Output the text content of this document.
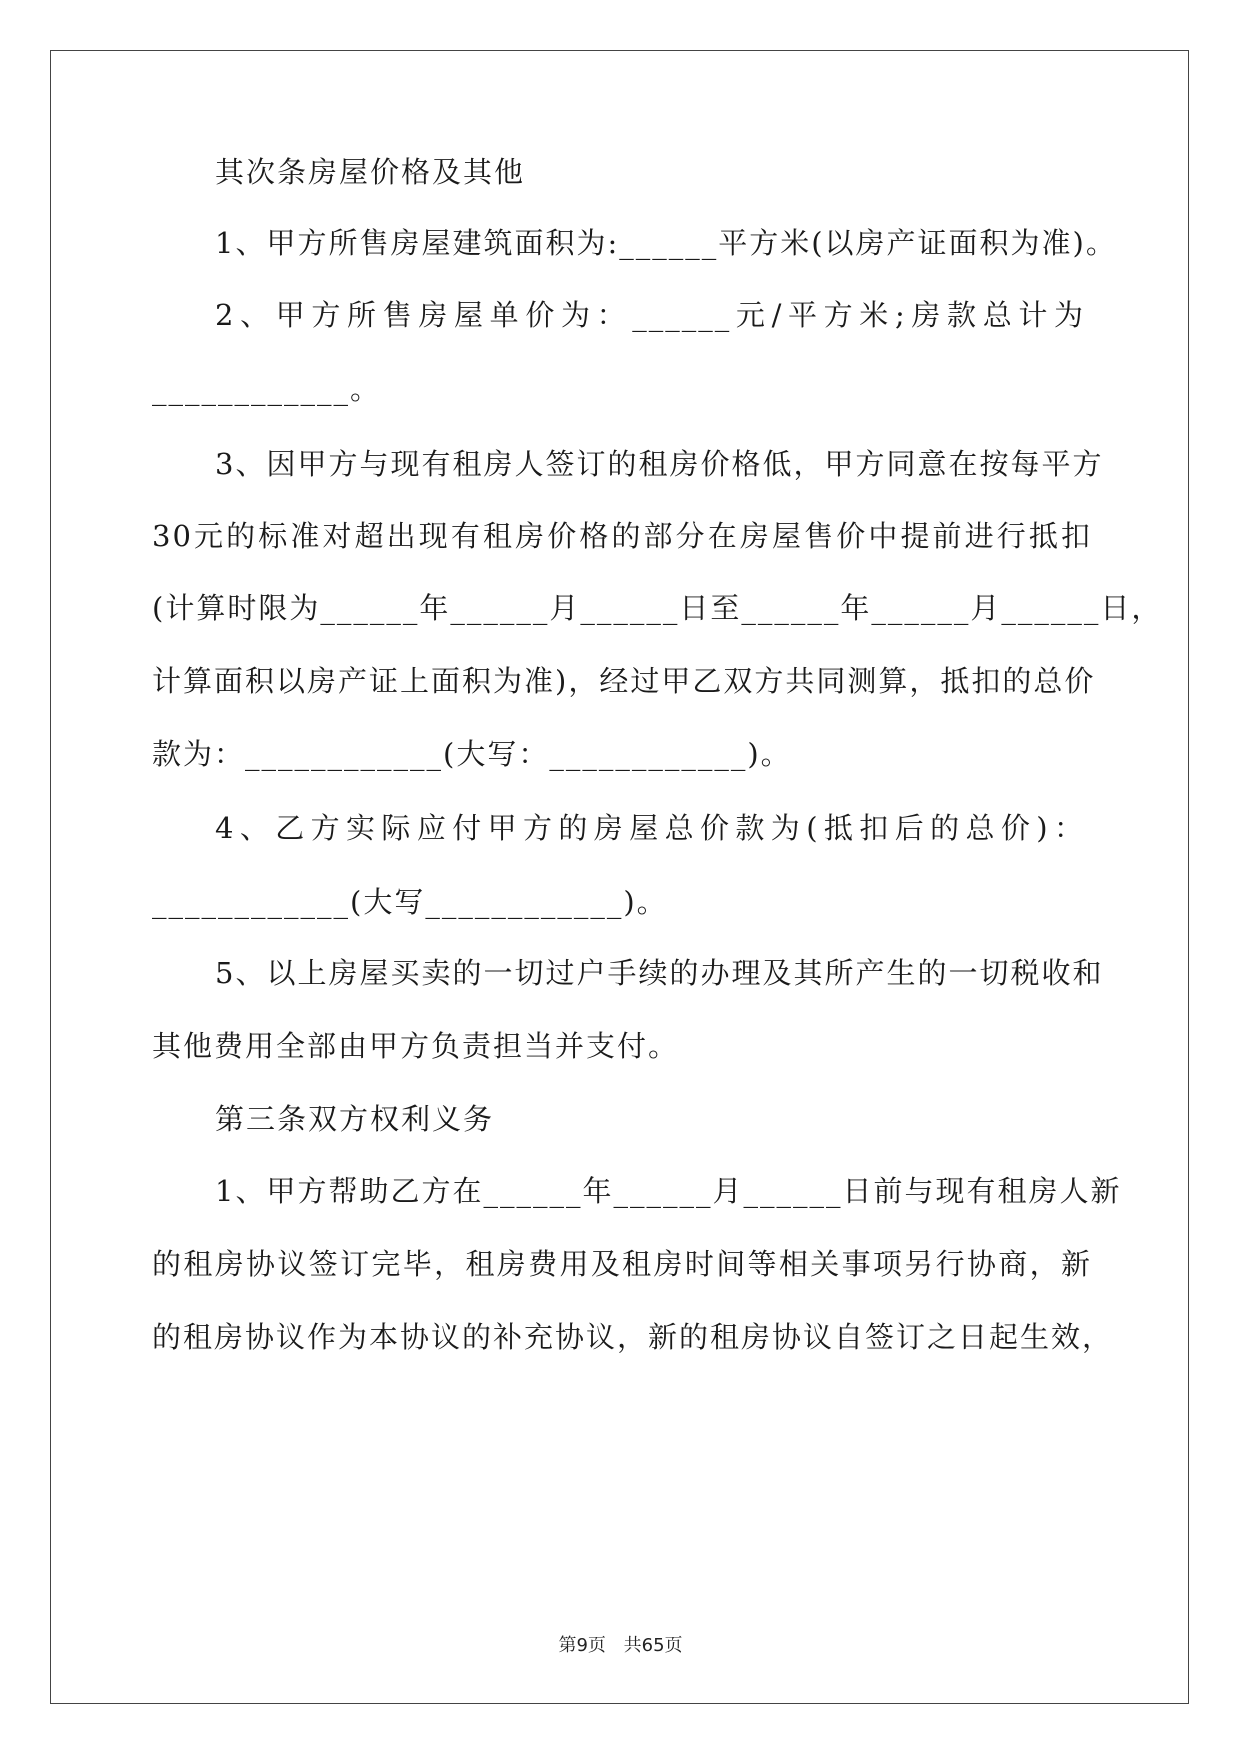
其次条房屋价格及其他
1、甲方所售房屋建筑面积为:______平方米(以房产证面积为准)。
2、甲方所售房屋单价为：______元/平方米;房款总计为
____________。
3、因甲方与现有租房人签订的租房价格低，甲方同意在按每平方
30元的标准对超出现有租房价格的部分在房屋售价中提前进行抵扣
(计算时限为______年______月______日至______年______月______日，
计算面积以房产证上面积为准)，经过甲乙双方共同测算，抵扣的总价
款为：____________(大写：____________)。
4、乙方实际应付甲方的房屋总价款为(抵扣后的总价)：
____________(大写____________)。
5、以上房屋买卖的一切过户手续的办理及其所产生的一切税收和
其他费用全部由甲方负责担当并支付。
第三条双方权利义务
1、甲方帮助乙方在______年______月______日前与现有租房人新
的租房协议签订完毕，租房费用及租房时间等相关事项另行协商，新
的租房协议作为本协议的补充协议，新的租房协议自签订之日起生效，
第9页 共65页
